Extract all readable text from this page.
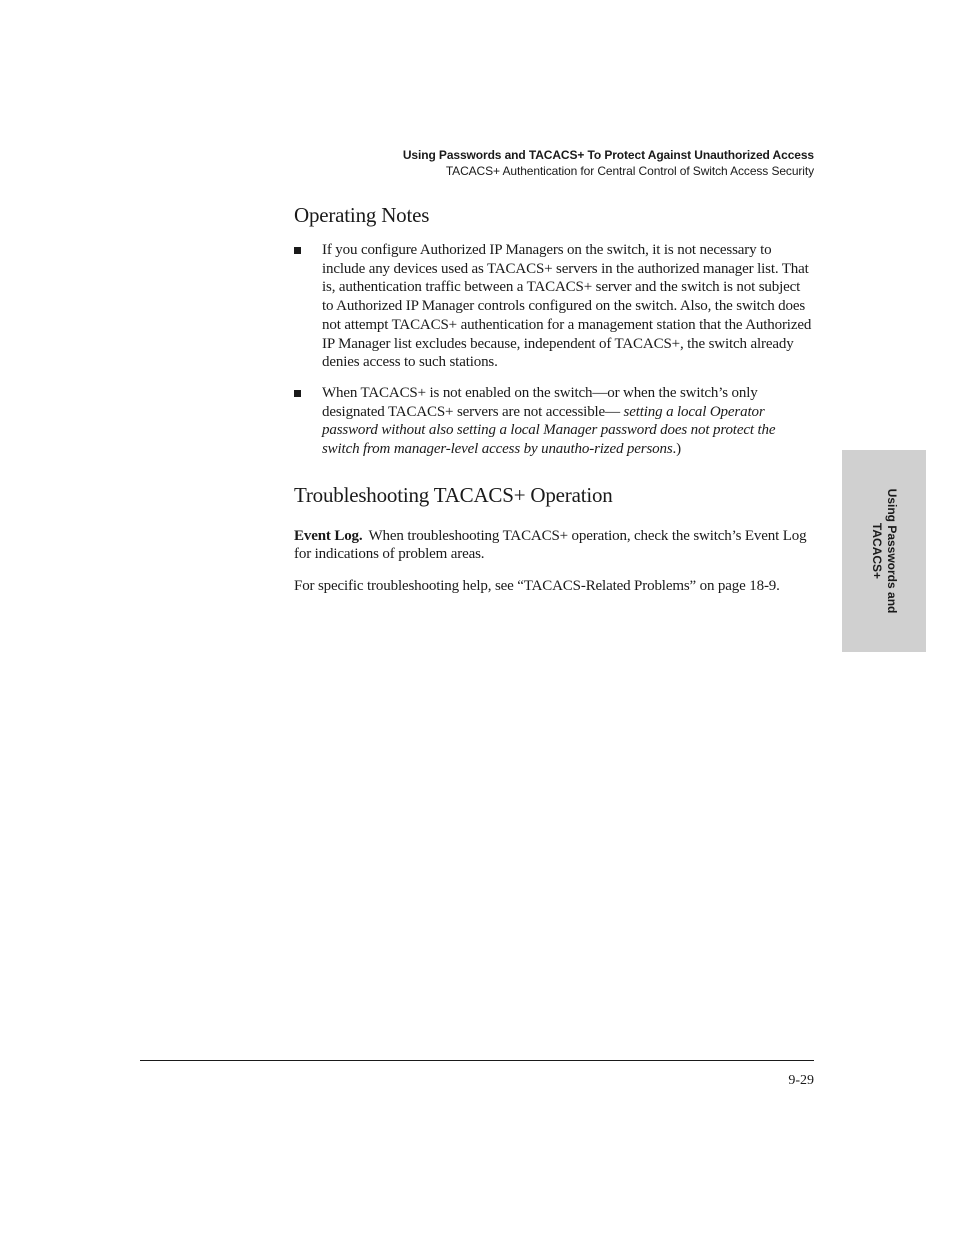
Using Passwords and TACACS+ To Protect Against Unauthorized Access
TACACS+ Authentication for Central Control of Switch Access Security
Operating Notes
If you configure Authorized IP Managers on the switch, it is not necessary to include any devices used as TACACS+ servers in the authorized manager list. That is, authentication traffic between a TACACS+ server and the switch is not subject to Authorized IP Manager controls configured on the switch. Also, the switch does not attempt TACACS+ authentication for a management station that the Authorized IP Manager list excludes because, independent of TACACS+, the switch already denies access to such stations.
When TACACS+ is not enabled on the switch—or when the switch’s only designated TACACS+ servers are not accessible— setting a local Operator password without also setting a local Manager password does not protect the switch from manager-level access by unautho-rized persons.)
Troubleshooting TACACS+ Operation

Event Log. When troubleshooting TACACS+ operation, check the switch’s Event Log for indications of problem areas.

For specific troubleshooting help, see “TACACS-Related Problems” on page 18-9.	Using Passwords and
TACACS+
9-29
